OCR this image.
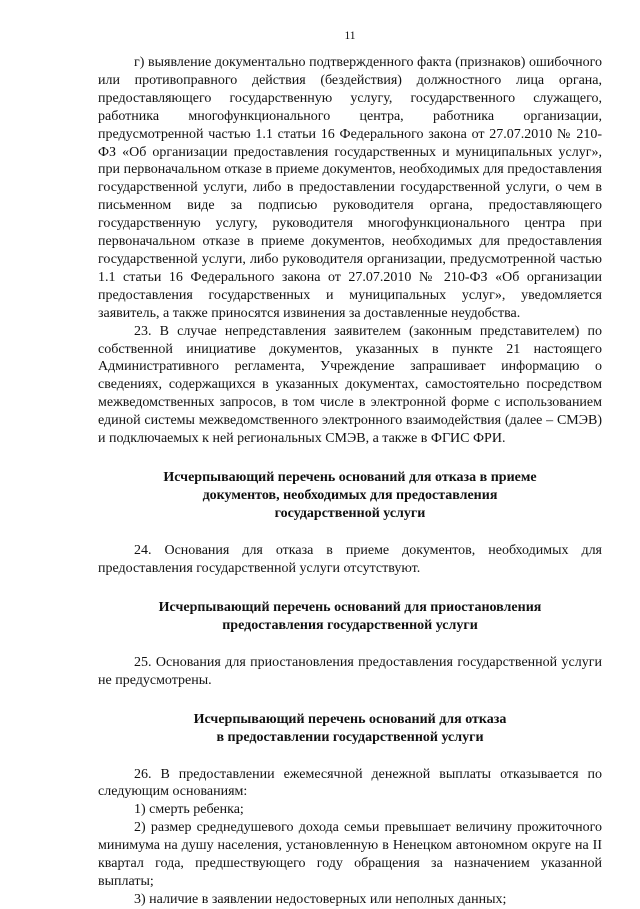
11

г) выявление документально подтвержденного факта (признаков) ошибочного или противоправного действия (бездействия) должностного лица органа, предоставляющего государственную услугу, государственного служащего, работника многофункционального центра, работника организации, предусмотренной частью 1.1 статьи 16 Федерального закона от 27.07.2010 № 210-ФЗ «Об организации предоставления государственных и муниципальных услуг», при первоначальном отказе в приеме документов, необходимых для предоставления государственной услуги, либо в предоставлении государственной услуги, о чем в письменном виде за подписью руководителя органа, предоставляющего государственную услугу, руководителя многофункционального центра при первоначальном отказе в приеме документов, необходимых для предоставления государственной услуги, либо руководителя организации, предусмотренной частью 1.1 статьи 16 Федерального закона от 27.07.2010 № 210-ФЗ «Об организации предоставления государственных и муниципальных услуг», уведомляется заявитель, а также приносятся извинения за доставленные неудобства.

23. В случае непредставления заявителем (законным представителем) по собственной инициативе документов, указанных в пункте 21 настоящего Административного регламента, Учреждение запрашивает информацию о сведениях, содержащихся в указанных документах, самостоятельно посредством межведомственных запросов, в том числе в электронной форме с использованием единой системы межведомственного электронного взаимодействия (далее – СМЭВ) и подключаемых к ней региональных СМЭВ, а также в ФГИС ФРИ.

Исчерпывающий перечень оснований для отказа в приеме
документов, необходимых для предоставления
государственной услуги

24. Основания для отказа в приеме документов, необходимых для предоставления государственной услуги отсутствуют.

Исчерпывающий перечень оснований для приостановления
предоставления государственной услуги

25. Основания для приостановления предоставления государственной услуги не предусмотрены.

Исчерпывающий перечень оснований для отказа
в предоставлении государственной услуги

26. В предоставлении ежемесячной денежной выплаты отказывается по следующим основаниям:

1) смерть ребенка;

2) размер среднедушевого дохода семьи превышает величину прожиточного минимума на душу населения, установленную в Ненецком автономном округе на II квартал года, предшествующего году обращения за назначением указанной выплаты;

3) наличие в заявлении недостоверных или неполных данных;
